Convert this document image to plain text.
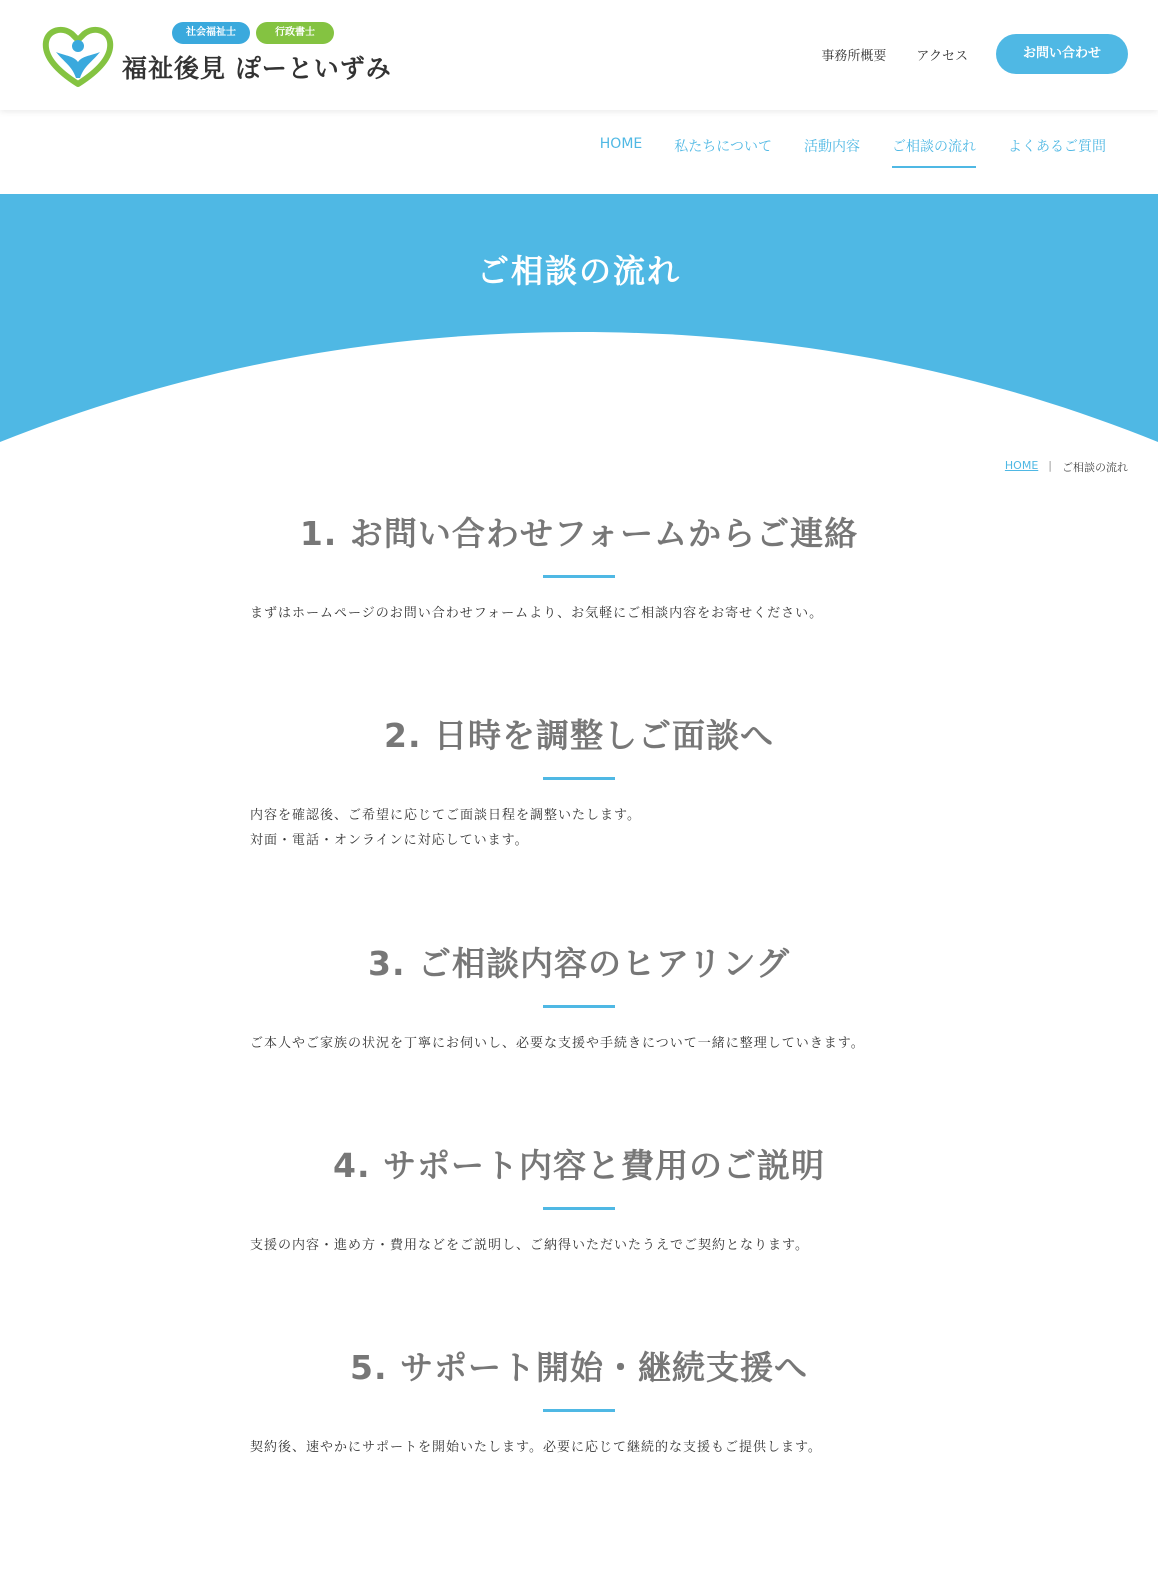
社会福祉士	行政書士
福祉後見 ぽーといずみ	事務所概要 アクセス	お問い合わせ
HOME 私たちについて 活動内容 ご相談の流れ よくあるご質問
ご相談の流れ
HOME | ご相談の流れ
1. お問い合わせフォームからご連絡

まずはホームページのお問い合わせフォームより、お気軽にご相談内容をお寄せください。

2. 日時を調整しご面談へ

内容を確認後、ご希望に応じてご面談日程を調整いたします。
対面・電話・オンラインに対応しています。

3. ご相談内容のヒアリング

ご本人やご家族の状況を丁寧にお伺いし、必要な支援や手続きについて一緒に整理していきます。

4. サポート内容と費用のご説明

支援の内容・進め方・費用などをご説明し、ご納得いただいたうえでご契約となります。

5. サポート開始・継続支援へ

契約後、速やかにサポートを開始いたします。必要に応じて継続的な支援もご提供します。
